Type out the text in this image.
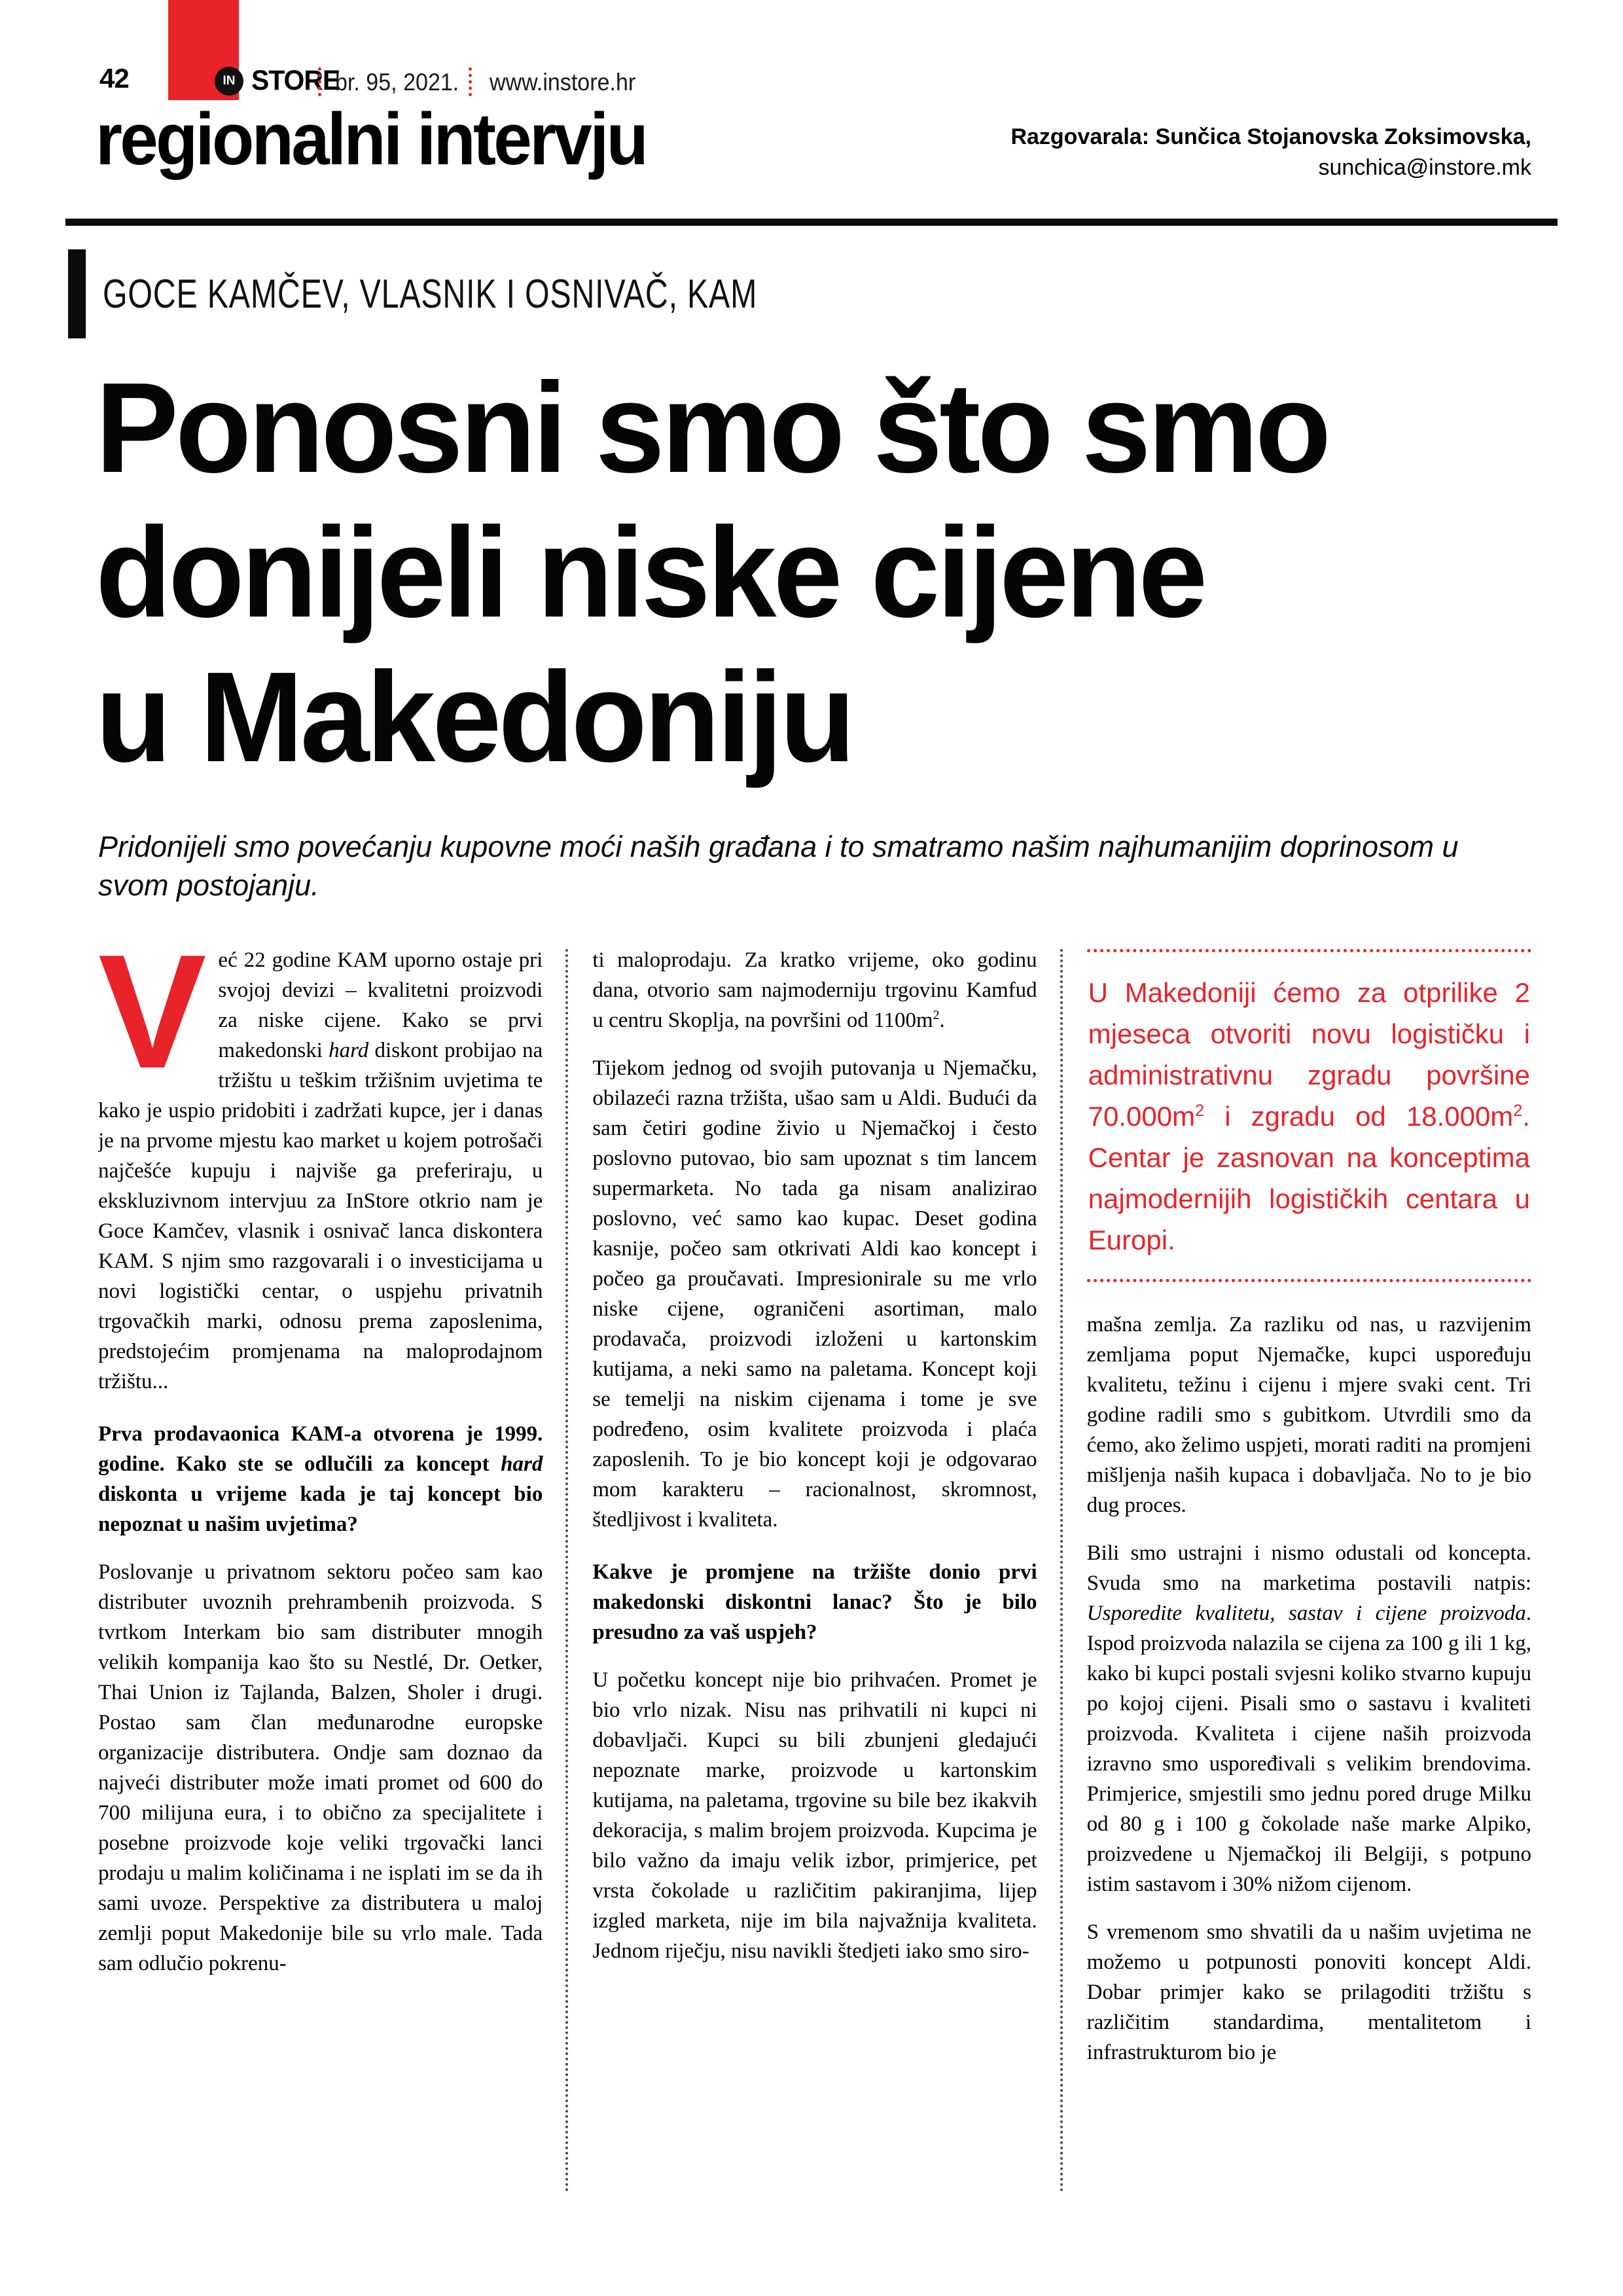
42	IN STORE
br. 95, 2021. www.instore.hr
regionalni intervju	Razgovarala: Sunčica Stojanovska Zoksimovska,
sunchica@instore.mk
GOCE KAMČEV, VLASNIK I OSNIVAČ, KAM
Ponosni smo što smo
donijeli niske cijene
u Makedoniju
Pridonijeli smo povećanju kupovne moći naših građana i to smatramo našim najhumanijim doprinosom u svom postojanju.
Već 22 godine KAM uporno ostaje pri svojoj devizi – kvalitetni proizvodi za niske cijene. Kako se prvi makedonski hard diskont probijao na tržištu u teškim tržišnim uvjetima te kako je uspio pridobiti i zadržati kupce, jer i danas je na prvome mjestu kao market u kojem potrošači najčešće kupuju i najviše ga preferiraju, u ekskluzivnom intervjuu za InStore otkrio nam je Goce Kamčev, vlasnik i osnivač lanca diskontera KAM. S njim smo razgovarali i o investicijama u novi logistički centar, o uspjehu privatnih trgovačkih marki, odnosu prema zaposlenima, predstojećim promjenama na maloprodajnom tržištu...
Prva prodavaonica KAM-a otvorena je 1999. godine. Kako ste se odlučili za koncept hard diskonta u vrijeme kada je taj koncept bio nepoznat u našim uvjetima?
Poslovanje u privatnom sektoru počeo sam kao distributer uvoznih prehrambenih proizvoda. S tvrtkom Interkam bio sam distributer mnogih velikih kompanija kao što su Nestlé, Dr. Oetker, Thai Union iz Tajlanda, Balzen, Sholer i drugi. Postao sam član međunarodne europske organizacije distributera. Ondje sam doznao da najveći distributer može imati promet od 600 do 700 milijuna eura, i to obično za specijalitete i posebne proizvode koje veliki trgovački lanci prodaju u malim količinama i ne isplati im se da ih sami uvoze. Perspektive za distributera u maloj zemlji poput Makedonije bile su vrlo male. Tada sam odlučio pokrenu-
ti maloprodaju. Za kratko vrijeme, oko godinu dana, otvorio sam najmoderniju trgovinu Kamfud u centru Skoplja, na površini od $1100m^2$.
Tijekom jednog od svojih putovanja u Njemačku, obilazeći razna tržišta, ušao sam u Aldi. Budući da sam četiri godine živio u Njemačkoj i često poslovno putovao, bio sam upoznat s tim lancem supermarketa. No tada ga nisam analizirao poslovno, već samo kao kupac. Deset godina kasnije, počeo sam otkrivati Aldi kao koncept i počeo ga proučavati. Impresionirale su me vrlo niske cijene, ograničeni asortiman, malo prodavača, proizvodi izloženi u kartonskim kutijama, a neki samo na paletama. Koncept koji se temelji na niskim cijenama i tome je sve podređeno, osim kvalitete proizvoda i plaća zaposlenih. To je bio koncept koji je odgovarao mom karakteru – racionalnost, skromnost, štedljivost i kvaliteta.
Kakve je promjene na tržište donio prvi makedonski diskontni lanac? Što je bilo presudno za vaš uspjeh?
U početku koncept nije bio prihvaćen. Promet je bio vrlo nizak. Nisu nas prihvatili ni kupci ni dobavljači. Kupci su bili zbunjeni gledajući nepoznate marke, proizvode u kartonskim kutijama, na paletama, trgovine su bile bez ikakvih dekoracija, s malim brojem proizvoda. Kupcima je bilo važno da imaju velik izbor, primjerice, pet vrsta čokolade u različitim pakiranjima, lijep izgled marketa, nije im bila najvažnija kvaliteta. Jednom riječju, nisu navikli štedjeti iako smo siro-
U Makedoniji ćemo za otprilike 2 mjeseca otvoriti novu logističku i administrativnu zgradu površine $70.000m^2$ i zgradu od $18.000m^2$. Centar je zasnovan na konceptima najmodernijih logističkih centara u Europi.
mašna zemlja. Za razliku od nas, u razvijenim zemljama poput Njemačke, kupci uspoređuju kvalitetu, težinu i cijenu i mjere svaki cent. Tri godine radili smo s gubitkom. Utvrdili smo da ćemo, ako želimo uspjeti, morati raditi na promjeni mišljenja naših kupaca i dobavljača. No to je bio dug proces.
Bili smo ustrajni i nismo odustali od koncepta. Svuda smo na marketima postavili natpis: Usporedite kvalitetu, sastav i cijene proizvoda. Ispod proizvoda nalazila se cijena za 100 g ili 1 kg, kako bi kupci postali svjesni koliko stvarno kupuju po kojoj cijeni. Pisali smo o sastavu i kvaliteti proizvoda. Kvaliteta i cijene naših proizvoda izravno smo uspoređivali s velikim brendovima. Primjerice, smjestili smo jednu pored druge Milku od 80 g i 100 g čokolade naše marke Alpiko, proizvedene u Njemačkoj ili Belgiji, s potpuno istim sastavom i 30% nižom cijenom.
S vremenom smo shvatili da u našim uvjetima ne možemo u potpunosti ponoviti koncept Aldi. Dobar primjer kako se prilagoditi tržištu s različitim standardima, mentalitetom i infrastrukturom bio je
